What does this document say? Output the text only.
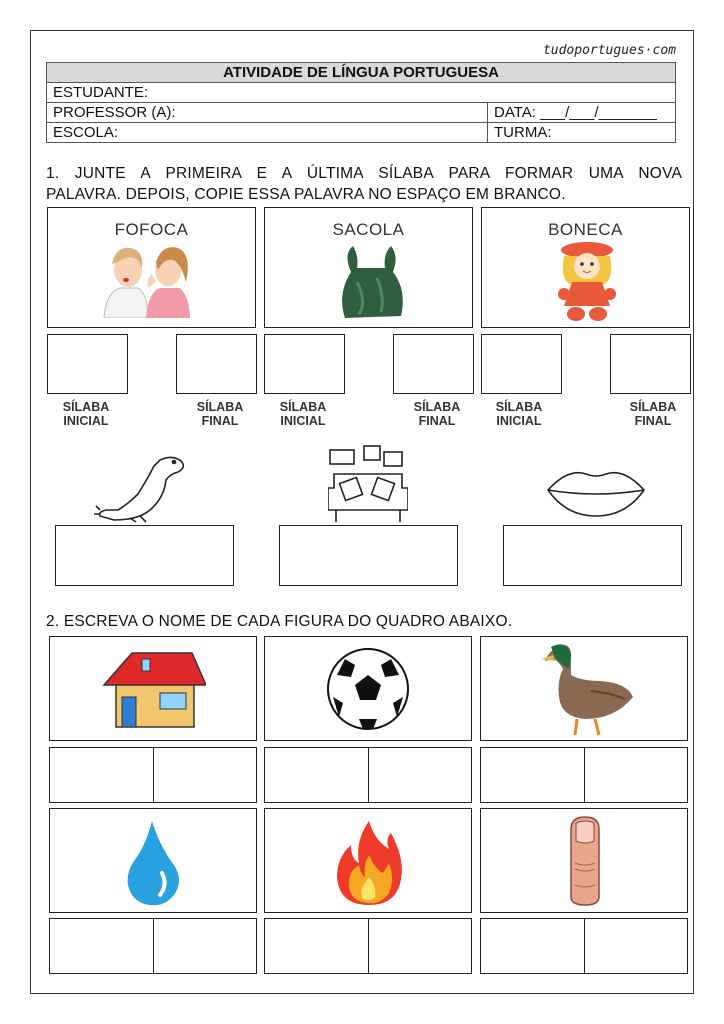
tudoportugues·com
ATIVIDADE DE LÍNGUA PORTUGUESA	
ESTUDANTE:	
PROFESSOR (A):	DATA: ___/___/_______
ESCOLA:	TURMA:
1. JUNTE A PRIMEIRA E A ÚLTIMA SÍLABA PARA FORMAR UMA NOVA
PALAVRA. DEPOIS, COPIE ESSA PALAVRA NO ESPAÇO EM BRANCO.
FOFOCA	SACOLA	BONECA
SÍLABA
INICIAL
SÍLABA
FINAL
SÍLABA
INICIAL
SÍLABA
FINAL
SÍLABA
INICIAL
SÍLABA
FINAL
2. ESCREVA O NOME DE CADA FIGURA DO QUADRO ABAIXO.
